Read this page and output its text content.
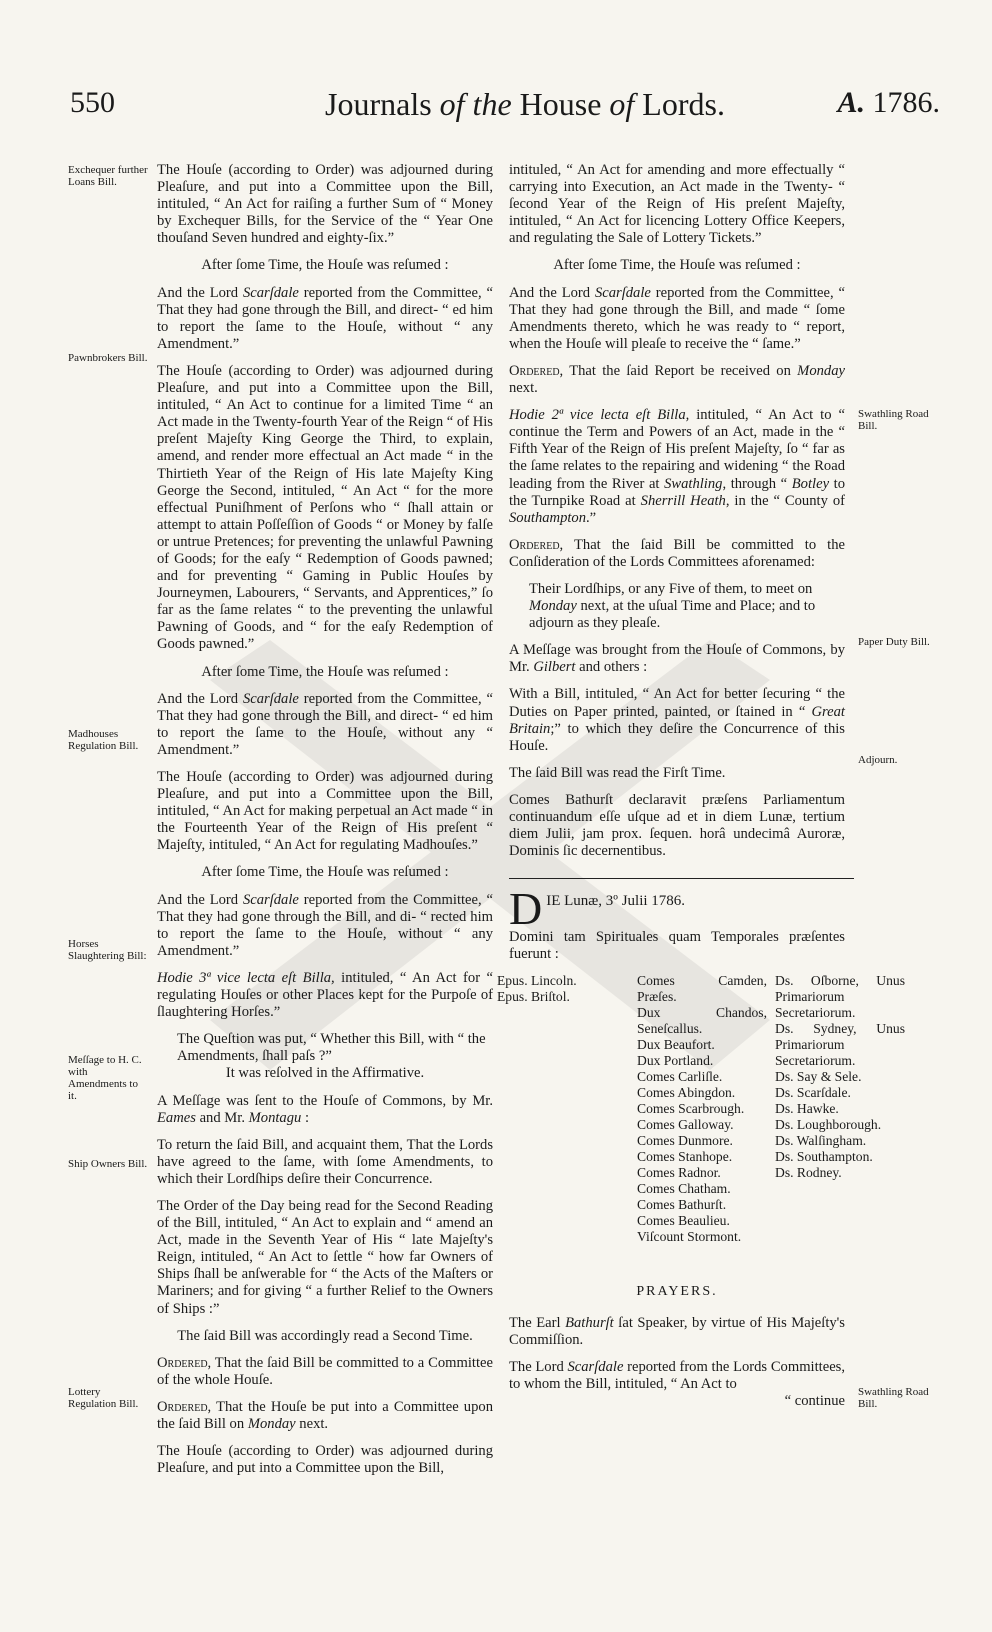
550	Journals of the House of Lords.	A. 1786.
Exchequer further Loans Bill.
Pawnbrokers Bill.
Madhouses Regulation Bill.
Horses Slaughtering Bill:
Meſſage to H. C. with Amendments to it.
Ship Owners Bill.
Lottery Regulation Bill.
Swathling Road Bill.
Paper Duty Bill.
Adjourn.
Swathling Road Bill.

The Houſe (according to Order) was adjourned during Pleaſure, and put into a Committee upon the Bill, intituled, “ An Act for raiſing a further Sum of “ Money by Exchequer Bills, for the Service of the “ Year One thouſand Seven hundred and eighty-ſix.”

After ſome Time, the Houſe was reſumed :

And the Lord Scarſdale reported from the Committee, “ That they had gone through the Bill, and direct- “ ed him to report the ſame to the Houſe, without “ any Amendment.”

The Houſe (according to Order) was adjourned during Pleaſure, and put into a Committee upon the Bill, intituled, “ An Act to continue for a limited Time “ an Act made in the Twenty-fourth Year of the Reign “ of His preſent Majeſty King George the Third, to explain, amend, and render more effectual an Act made “ in the Thirtieth Year of the Reign of His late Majeſty King George the Second, intituled, “ An Act “ for the more effectual Puniſhment of Perſons who “ ſhall attain or attempt to attain Poſſeſſion of Goods “ or Money by falſe or untrue Pretences; for preventing the unlawful Pawning of Goods; for the eaſy “ Redemption of Goods pawned; and for preventing “ Gaming in Public Houſes by Journeymen, Labourers, “ Servants, and Apprentices,” ſo far as the ſame relates “ to the preventing the unlawful Pawning of Goods, and “ for the eaſy Redemption of Goods pawned.”

After ſome Time, the Houſe was reſumed :

And the Lord Scarſdale reported from the Committee, “ That they had gone through the Bill, and direct- “ ed him to report the ſame to the Houſe, without any “ Amendment.”

The Houſe (according to Order) was adjourned during Pleaſure, and put into a Committee upon the Bill, intituled, “ An Act for making perpetual an Act made “ in the Fourteenth Year of the Reign of His preſent “ Majeſty, intituled, “ An Act for regulating Madhouſes.”

After ſome Time, the Houſe was reſumed :

And the Lord Scarſdale reported from the Committee, “ That they had gone through the Bill, and di- “ rected him to report the ſame to the Houſe, without “ any Amendment.”

Hodie 3ª vice lecta eſt Billa, intituled, “ An Act for “ regulating Houſes or other Places kept for the Purpoſe of ſlaughtering Horſes.”

The Queſtion was put, “ Whether this Bill, with “ the Amendments, ſhall paſs ?”

It was reſolved in the Affirmative.

A Meſſage was ſent to the Houſe of Commons, by Mr. Eames and Mr. Montagu :

To return the ſaid Bill, and acquaint them, That the Lords have agreed to the ſame, with ſome Amendments, to which their Lordſhips deſire their Concurrence.

The Order of the Day being read for the Second Reading of the Bill, intituled, “ An Act to explain and “ amend an Act, made in the Seventh Year of His “ late Majeſty's Reign, intituled, “ An Act to ſettle “ how far Owners of Ships ſhall be anſwerable for “ the Acts of the Maſters or Mariners; and for giving “ a further Relief to the Owners of Ships :”

The ſaid Bill was accordingly read a Second Time.

Ordered, That the ſaid Bill be committed to a Committee of the whole Houſe.

Ordered, That the Houſe be put into a Committee upon the ſaid Bill on Monday next.

The Houſe (according to Order) was adjourned during Pleaſure, and put into a Committee upon the Bill,

intituled, “ An Act for amending and more effectually “ carrying into Execution, an Act made in the Twenty- “ ſecond Year of the Reign of His preſent Majeſty, intituled, “ An Act for licencing Lottery Office Keepers, and regulating the Sale of Lottery Tickets.”

After ſome Time, the Houſe was reſumed :

And the Lord Scarſdale reported from the Committee, “ That they had gone through the Bill, and made “ ſome Amendments thereto, which he was ready to “ report, when the Houſe will pleaſe to receive the “ ſame.”

Ordered, That the ſaid Report be received on Monday next.

Hodie 2ª vice lecta eſt Billa, intituled, “ An Act to “ continue the Term and Powers of an Act, made in the “ Fifth Year of the Reign of His preſent Majeſty, ſo “ far as the ſame relates to the repairing and widening “ the Road leading from the River at Swathling, through “ Botley to the Turnpike Road at Sherrill Heath, in the “ County of Southampton.”

Ordered, That the ſaid Bill be committed to the Conſideration of the Lords Committees aforenamed:

Their Lordſhips, or any Five of them, to meet on Monday next, at the uſual Time and Place; and to adjourn as they pleaſe.

A Meſſage was brought from the Houſe of Commons, by Mr. Gilbert and others :

With a Bill, intituled, “ An Act for better ſecuring “ the Duties on Paper printed, painted, or ſtained in “ Great Britain;” to which they deſire the Concurrence of this Houſe.

The ſaid Bill was read the Firſt Time.

Comes Bathurſt declaravit præſens Parliamentum continuandum eſſe uſque ad et in diem Lunæ, tertium diem Julii, jam prox. ſequen. horâ undecimâ Auroræ, Dominis ſic decernentibus.

DIE Lunæ, 3º Julii 1786.

Domini tam Spirituales quam Temporales præſentes fuerunt :

Epus. Lincoln.
Epus. Briſtol.
Comes Camden, Præſes.
Dux Chandos, Seneſcallus.
Dux Beaufort.
Dux Portland.
Comes Carliſle.
Comes Abingdon.
Comes Scarbrough.
Comes Galloway.
Comes Dunmore.
Comes Stanhope.
Comes Radnor.
Comes Chatham.
Comes Bathurſt.
Comes Beaulieu.
Viſcount Stormont.
Ds. Oſborne, Unus Primariorum Secretariorum.
Ds. Sydney, Unus Primariorum Secretariorum.
Ds. Say & Sele.
Ds. Scarſdale.
Ds. Hawke.
Ds. Loughborough.
Ds. Walſingham.
Ds. Southampton.
Ds. Rodney.

PRAYERS.

The Earl Bathurſt ſat Speaker, by virtue of His Majeſty's Commiſſion.

The Lord Scarſdale reported from the Lords Committees, to whom the Bill, intituled, “ An Act to

“ continue
